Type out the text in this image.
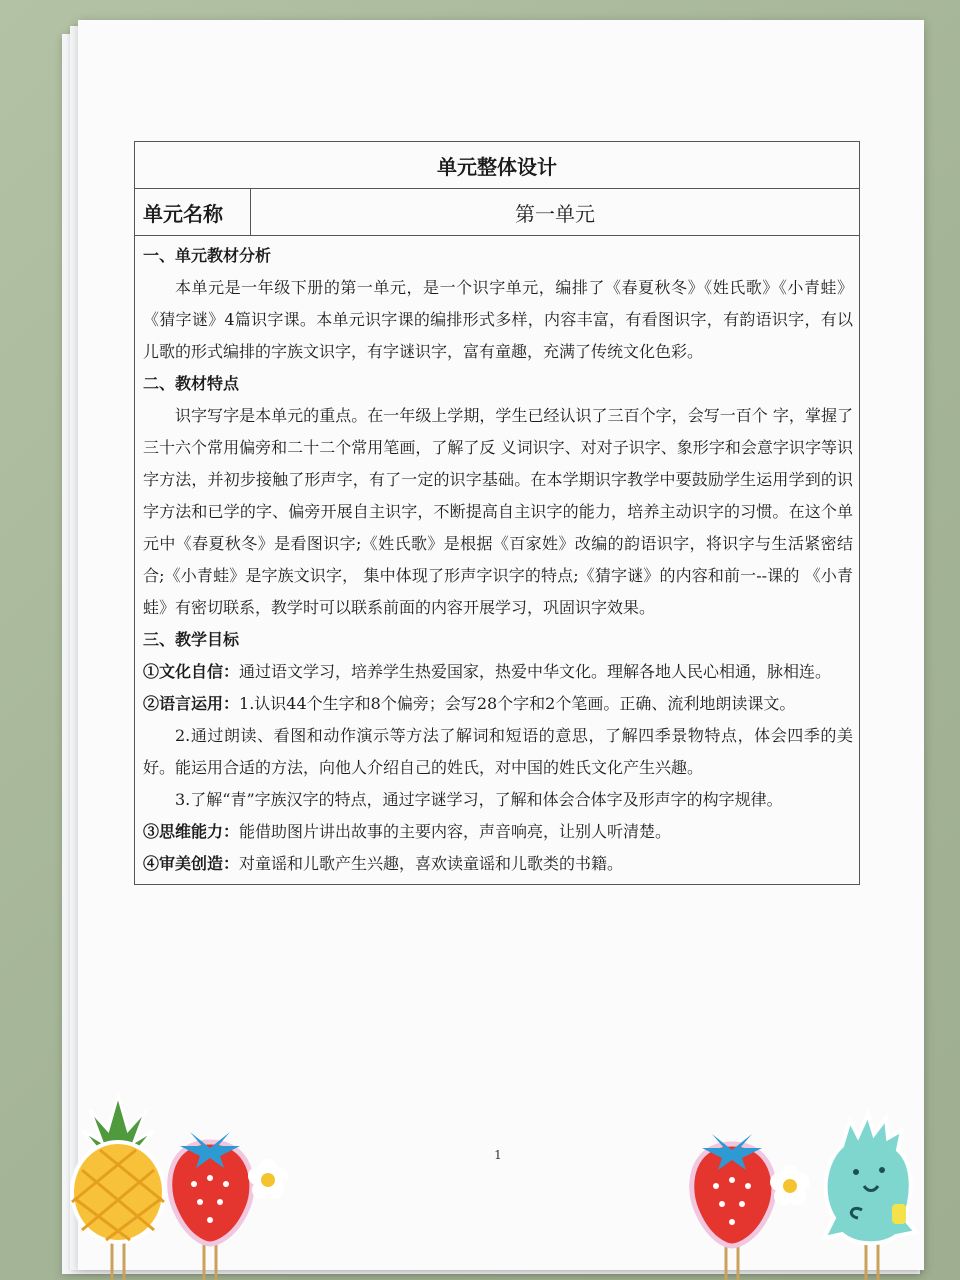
单元整体设计
单元名称	第一单元

一、单元教材分析

本单元是一年级下册的第一单元，是一个识字单元，编排了《春夏秋冬》《姓氏歌》《小青蛙》《猜字谜》4篇识字课。本单元识字课的编排形式多样，内容丰富，有看图识字，有韵语识字，有以儿歌的形式编排的字族文识字，有字谜识字，富有童趣，充满了传统文化色彩。

二、教材特点

识字写字是本单元的重点。在一年级上学期，学生已经认识了三百个字，会写一百个 字，掌握了三十六个常用偏旁和二十二个常用笔画，了解了反 义词识字、对对子识字、象形字和会意字识字等识字方法，并初步接触了形声字，有了一定的识字基础。在本学期识字教学中要鼓励学生运用学到的识字方法和已学的字、偏旁开展自主识字，不断提高自主识字的能力，培养主动识字的习惯。在这个单元中《春夏秋冬》是看图识字;《姓氏歌》是根据《百家姓》改编的韵语识字，将识字与生活紧密结合;《小青蛙》是字族文识字， 集中体现了形声字识字的特点;《猜字谜》的内容和前一--课的 《小青蛙》有密切联系，教学时可以联系前面的内容开展学习，巩固识字效果。

三、教学目标

①文化自信：通过语文学习，培养学生热爱国家，热爱中华文化。理解各地人民心相通，脉相连。

②语言运用：1.认识44个生字和8个偏旁；会写28个字和2个笔画。正确、流利地朗读课文。

2.通过朗读、看图和动作演示等方法了解词和短语的意思，了解四季景物特点，体会四季的美好。能运用合适的方法，向他人介绍自己的姓氏，对中国的姓氏文化产生兴趣。

3.了解“青”字族汉字的特点，通过字谜学习，了解和体会合体字及形声字的构字规律。

③思维能力：能借助图片讲出故事的主要内容，声音响亮，让别人听清楚。

④审美创造：对童谣和儿歌产生兴趣，喜欢读童谣和儿歌类的书籍。

1
